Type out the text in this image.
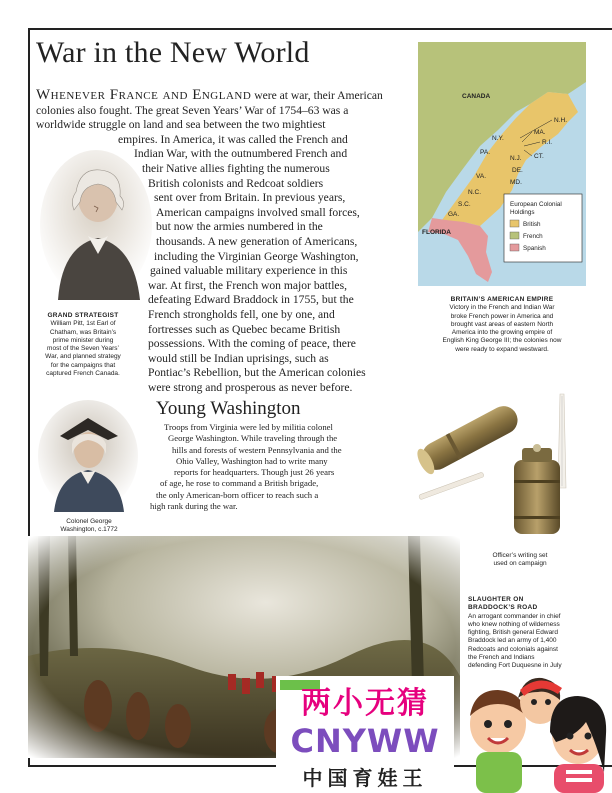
War in the New World
CANADA
N.H.
MA.
R.I.
CT.
N.Y.
PA.
N.J.
DE.
MD.
VA.
N.C.
S.C.
GA.
FLORIDA
European Colonial
Holdings
British
French
Spanish
BRITAIN’S AMERICAN EMPIRE
Victory in the French and Indian War
broke French power in America and
brought vast areas of eastern North
America into the growing empire of
English King George III; the colonies now
were ready to expand westward.
Whenever France and England were at war, their American
colonies also fought. The great Seven Years’ War of 1754–63 was a
worldwide struggle on land and sea between the two mightiest
empires. In America, it was called the French and
Indian War, with the outnumbered French and
their Native allies fighting the numerous
British colonists and Redcoat soldiers
sent over from Britain. In previous years,
American campaigns involved small forces,
but now the armies numbered in the
thousands. A new generation of Americans,
including the Virginian George Washington,
gained valuable military experience in this
war. At first, the French won major battles,
defeating Edward Braddock in 1755, but the
French strongholds fell, one by one, and
fortresses such as Quebec became British
possessions. With the coming of peace, there
would still be Indian uprisings, such as
Pontiac’s Rebellion, but the American colonies
were strong and prosperous as never before.
GRAND STRATEGIST
William Pitt, 1st Earl of
Chatham, was Britain’s
prime minister during
most of the Seven Years’
War, and planned strategy
for the campaigns that
captured French Canada.
Young Washington
Troops from Virginia were led by militia colonel
George Washington. While traveling through the
hills and forests of western Pennsylvania and the
Ohio Valley, Washington had to write many
reports for headquarters. Though just 26 years
of age, he rose to command a British brigade,
the only American-born officer to reach such a
high rank during the war.
Colonel George
Washington, c.1772
Officer’s writing set
used on campaign
SLAUGHTER ON
BRADDOCK’S ROAD
An arrogant commander in chief
who knew nothing of wilderness
fighting, British general Edward
Braddock led an army of 1,400
Redcoats and colonials against
the French and Indians
defending Fort Duquesne in July
两小无猜
CNYWW
中国育娃王
